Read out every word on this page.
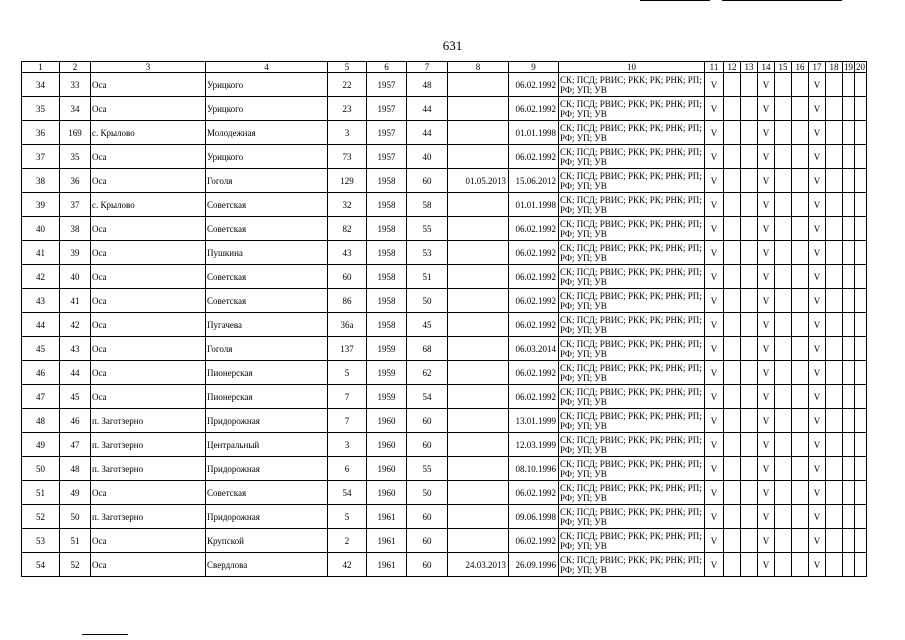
631
1	2	3	4	5	6	7	8	9	10	11	12	13	14	15	16	17	18	19	20
34	33	Оса	Урицкого	22	1957	48		06.02.1992	СК; ПСД; РВИС; РКК; РК; РНК; РП; РФ; УП; УВ	V			V			V			
35	34	Оса	Урицкого	23	1957	44		06.02.1992	СК; ПСД; РВИС; РКК; РК; РНК; РП; РФ; УП; УВ	V			V			V			
36	169	с. Крылово	Молодежная	3	1957	44		01.01.1998	СК; ПСД; РВИС; РКК; РК; РНК; РП; РФ; УП; УВ	V			V			V			
37	35	Оса	Урицкого	73	1957	40		06.02.1992	СК; ПСД; РВИС; РКК; РК; РНК; РП; РФ; УП; УВ	V			V			V			
38	36	Оса	Гоголя	129	1958	60	01.05.2013	15.06.2012	СК; ПСД; РВИС; РКК; РК; РНК; РП; РФ; УП; УВ	V			V			V			
39	37	с. Крылово	Советская	32	1958	58		01.01.1998	СК; ПСД; РВИС; РКК; РК; РНК; РП; РФ; УП; УВ	V			V			V			
40	38	Оса	Советская	82	1958	55		06.02.1992	СК; ПСД; РВИС; РКК; РК; РНК; РП; РФ; УП; УВ	V			V			V			
41	39	Оса	Пушкина	43	1958	53		06.02.1992	СК; ПСД; РВИС; РКК; РК; РНК; РП; РФ; УП; УВ	V			V			V			
42	40	Оса	Советская	60	1958	51		06.02.1992	СК; ПСД; РВИС; РКК; РК; РНК; РП; РФ; УП; УВ	V			V			V			
43	41	Оса	Советская	86	1958	50		06.02.1992	СК; ПСД; РВИС; РКК; РК; РНК; РП; РФ; УП; УВ	V			V			V			
44	42	Оса	Пугачева	36а	1958	45		06.02.1992	СК; ПСД; РВИС; РКК; РК; РНК; РП; РФ; УП; УВ	V			V			V			
45	43	Оса	Гоголя	137	1959	68		06.03.2014	СК; ПСД; РВИС; РКК; РК; РНК; РП; РФ; УП; УВ	V			V			V			
46	44	Оса	Пионерская	5	1959	62		06.02.1992	СК; ПСД; РВИС; РКК; РК; РНК; РП; РФ; УП; УВ	V			V			V			
47	45	Оса	Пионерская	7	1959	54		06.02.1992	СК; ПСД; РВИС; РКК; РК; РНК; РП; РФ; УП; УВ	V			V			V			
48	46	п. Заготзерно	Придорожная	7	1960	60		13.01.1999	СК; ПСД; РВИС; РКК; РК; РНК; РП; РФ; УП; УВ	V			V			V			
49	47	п. Заготзерно	Центральный	3	1960	60		12.03.1999	СК; ПСД; РВИС; РКК; РК; РНК; РП; РФ; УП; УВ	V			V			V			
50	48	п. Заготзерно	Придорожная	6	1960	55		08.10.1996	СК; ПСД; РВИС; РКК; РК; РНК; РП; РФ; УП; УВ	V			V			V			
51	49	Оса	Советская	54	1960	50		06.02.1992	СК; ПСД; РВИС; РКК; РК; РНК; РП; РФ; УП; УВ	V			V			V			
52	50	п. Заготзерно	Придорожная	5	1961	60		09.06.1998	СК; ПСД; РВИС; РКК; РК; РНК; РП; РФ; УП; УВ	V			V			V			
53	51	Оса	Крупской	2	1961	60		06.02.1992	СК; ПСД; РВИС; РКК; РК; РНК; РП; РФ; УП; УВ	V			V			V			
54	52	Оса	Свердлова	42	1961	60	24.03.2013	26.09.1996	СК; ПСД; РВИС; РКК; РК; РНК; РП; РФ; УП; УВ	V			V			V			
